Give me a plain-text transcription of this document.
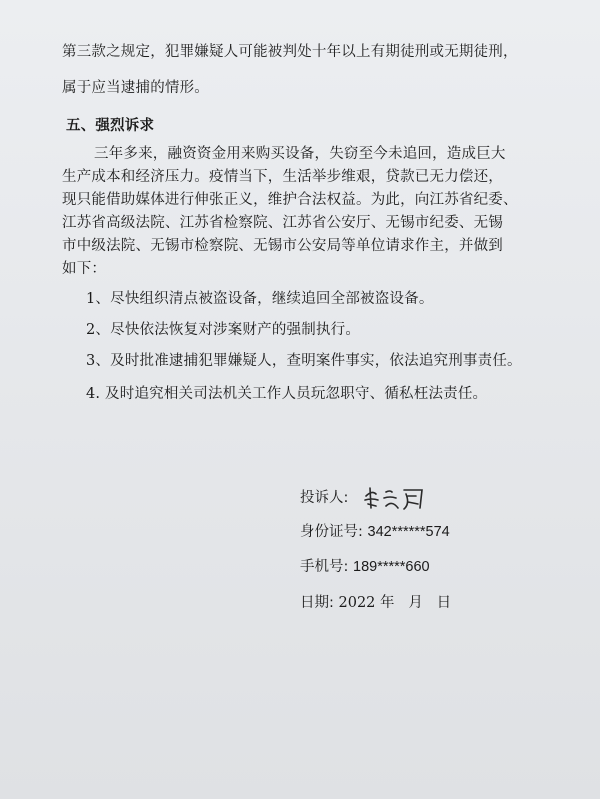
第三款之规定，犯罪嫌疑人可能被判处十年以上有期徒刑或无期徒刑，
属于应当逮捕的情形。
五、强烈诉求
三年多来，融资资金用来购买设备，失窃至今未追回，造成巨大
生产成本和经济压力。疫情当下，生活举步维艰，贷款已无力偿还，
现只能借助媒体进行伸张正义，维护合法权益。为此，向江苏省纪委、
江苏省高级法院、江苏省检察院、江苏省公安厅、无锡市纪委、无锡
市中级法院、无锡市检察院、无锡市公安局等单位请求作主，并做到
如下：
1、尽快组织清点被盗设备，继续追回全部被盗设备。
2、尽快依法恢复对涉案财产的强制执行。
3、及时批准逮捕犯罪嫌疑人，查明案件事实，依法追究刑事责任。
4. 及时追究相关司法机关工作人员玩忽职守、循私枉法责任。
投诉人:
身份证号: 342******574
手机号: 189*****660
日期: 2022 年   月   日
